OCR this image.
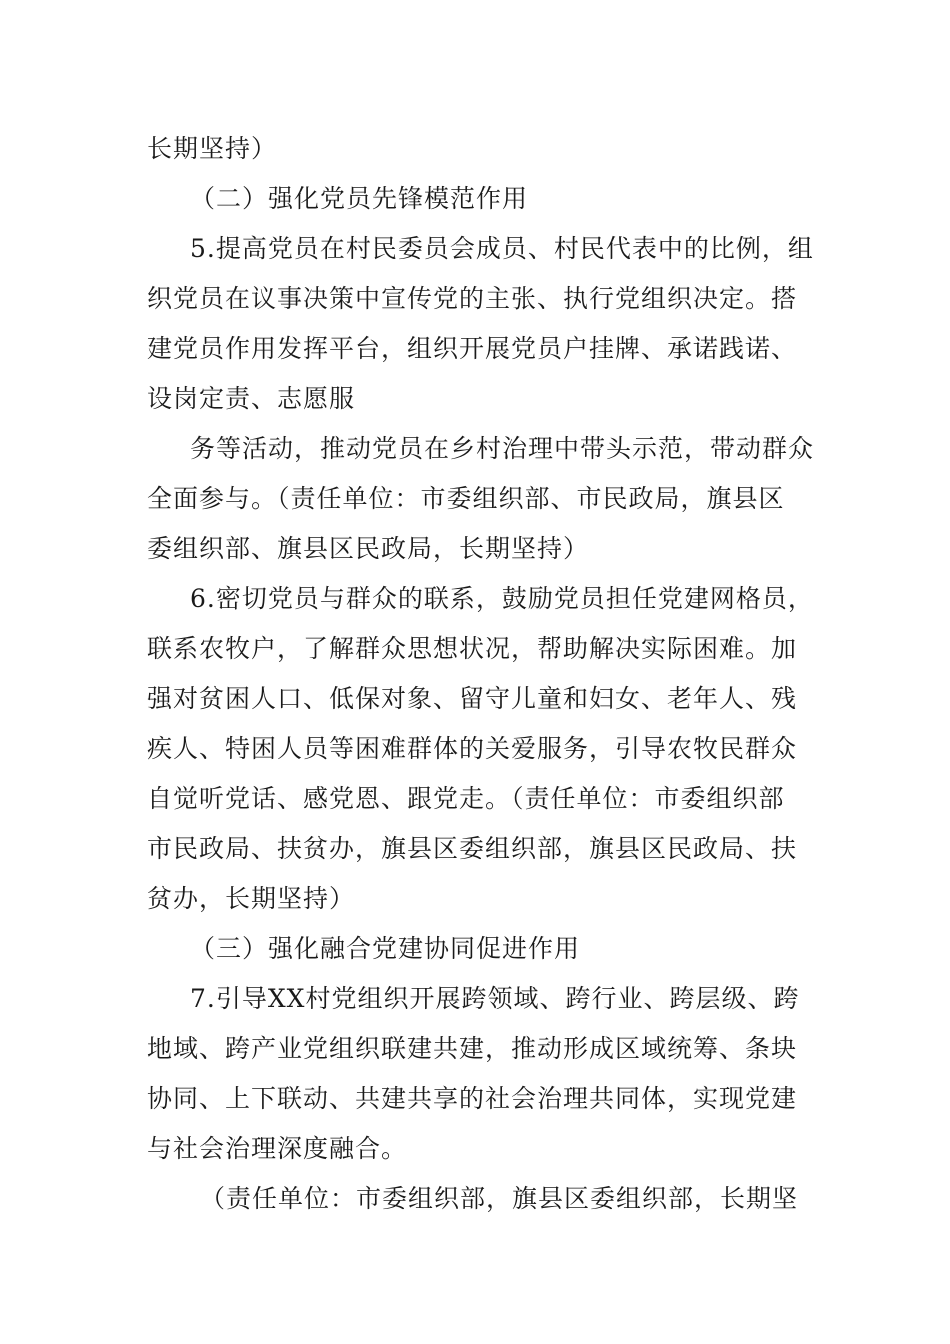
长期坚持）
（二）强化党员先锋模范作用
5.提高党员在村民委员会成员、村民代表中的比例，组
织党员在议事决策中宣传党的主张、执行党组织决定。搭
建党员作用发挥平台，组织开展党员户挂牌、承诺践诺、
设岗定责、志愿服
务等活动，推动党员在乡村治理中带头示范，带动群众
全面参与。（责任单位：市委组织部、市民政局，旗县区
委组织部、旗县区民政局，长期坚持）
6.密切党员与群众的联系，鼓励党员担任党建网格员，
联系农牧户，了解群众思想状况，帮助解决实际困难。加
强对贫困人口、低保对象、留守儿童和妇女、老年人、残
疾人、特困人员等困难群体的关爱服务，引导农牧民群众
自觉听党话、感党恩、跟党走。（责任单位：市委组织部
市民政局、扶贫办，旗县区委组织部，旗县区民政局、扶
贫办，长期坚持）
（三）强化融合党建协同促进作用
7.引导XX村党组织开展跨领域、跨行业、跨层级、跨
地域、跨产业党组织联建共建，推动形成区域统筹、条块
协同、上下联动、共建共享的社会治理共同体，实现党建
与社会治理深度融合。
（责任单位：市委组织部，旗县区委组织部，长期坚
